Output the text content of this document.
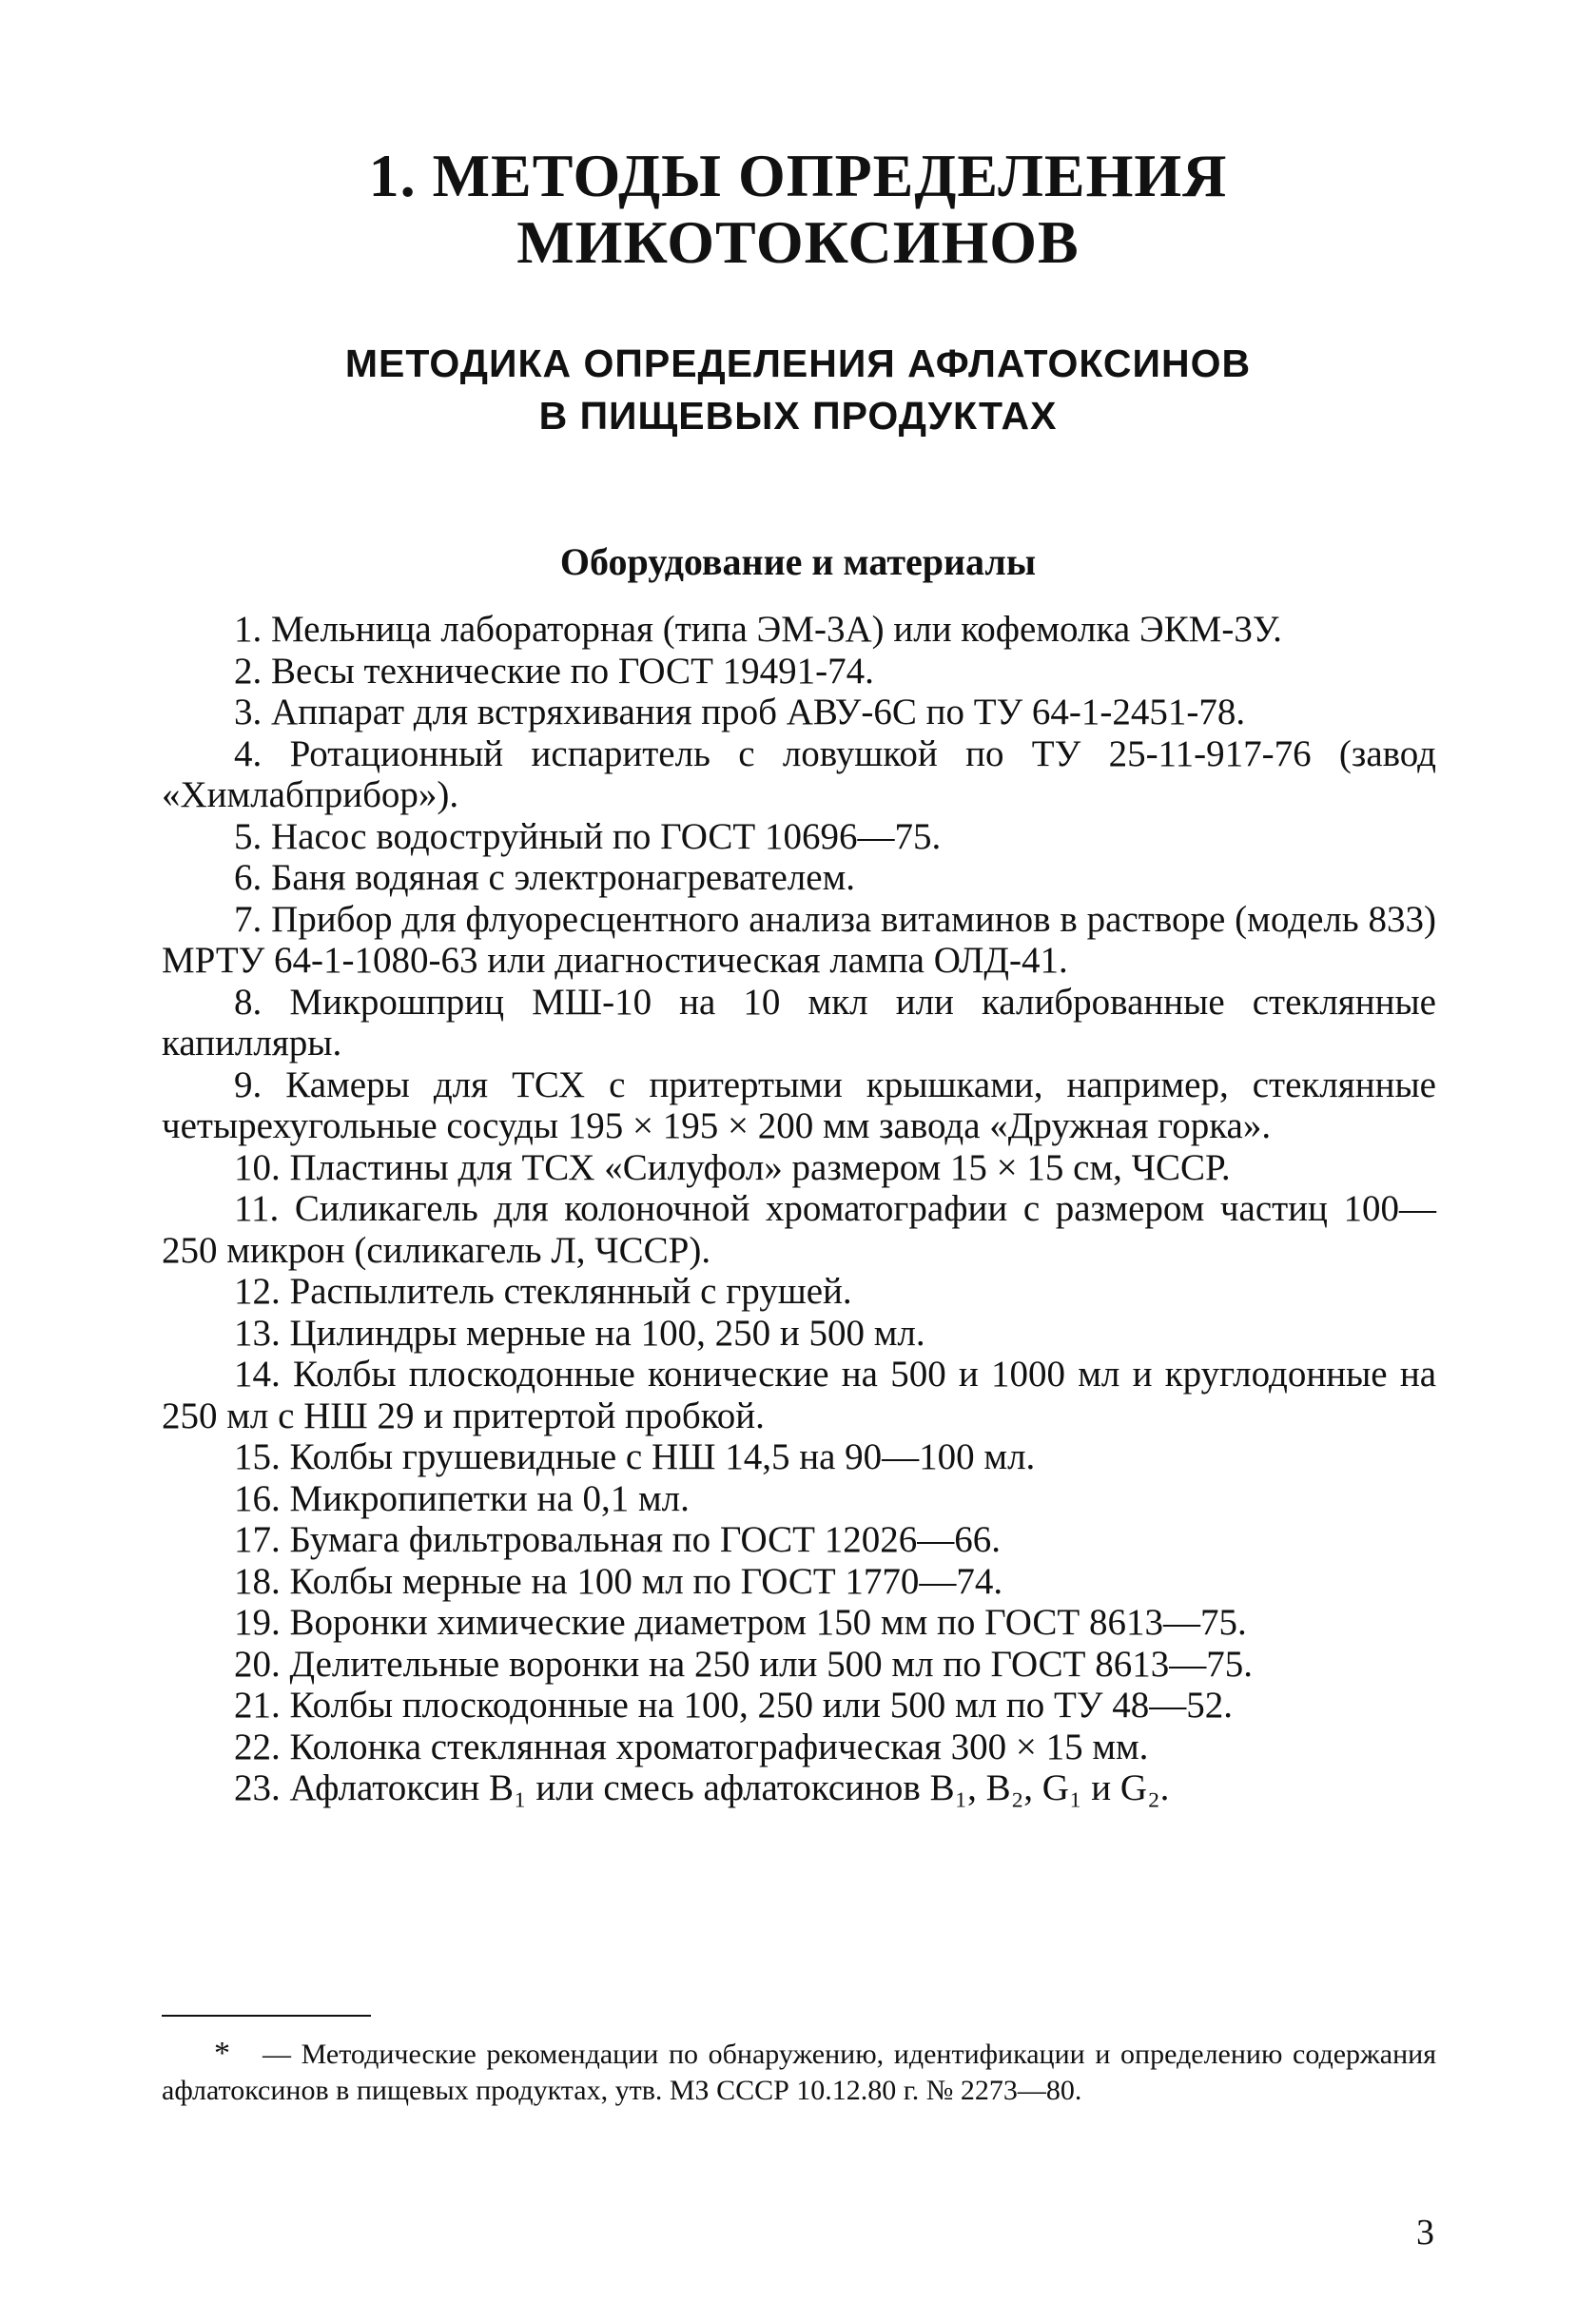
1. МЕТОДЫ ОПРЕДЕЛЕНИЯ МИКОТОКСИНОВ
МЕТОДИКА ОПРЕДЕЛЕНИЯ АФЛАТОКСИНОВ
В ПИЩЕВЫХ ПРОДУКТАХ
Оборудование и материалы
1. Мельница лабораторная (типа ЭМ-3А) или кофемолка ЭКМ-3У.
2. Весы технические по ГОСТ 19491-74.
3. Аппарат для встряхивания проб АВУ-6С по ТУ 64-1-2451-78.
4. Ротационный испаритель с ловушкой по ТУ 25-11-917-76 (завод «Химлабприбор»).
5. Насос водоструйный по ГОСТ 10696—75.
6. Баня водяная с электронагревателем.
7. Прибор для флуоресцентного анализа витаминов в растворе (модель 833) МРТУ 64-1-1080-63 или диагностическая лампа ОЛД-41.
8. Микрошприц МШ-10 на 10 мкл или калиброванные стеклянные капилляры.
9. Камеры для ТСХ с притертыми крышками, например, стеклянные четырехугольные сосуды 195 × 195 × 200 мм завода «Дружная горка».
10. Пластины для ТСХ «Силуфол» размером 15 × 15 см, ЧССР.
11. Силикагель для колоночной хроматографии с размером частиц 100—250 микрон (силикагель Л, ЧССР).
12. Распылитель стеклянный с грушей.
13. Цилиндры мерные на 100, 250 и 500 мл.
14. Колбы плоскодонные конические на 500 и 1000 мл и круглодонные на 250 мл с НШ 29 и притертой пробкой.
15. Колбы грушевидные с НШ 14,5 на 90—100 мл.
16. Микропипетки на 0,1 мл.
17. Бумага фильтровальная по ГОСТ 12026—66.
18. Колбы мерные на 100 мл по ГОСТ 1770—74.
19. Воронки химические диаметром 150 мм по ГОСТ 8613—75.
20. Делительные воронки на 250 или 500 мл по ГОСТ 8613—75.
21. Колбы плоскодонные на 100, 250 или 500 мл по ТУ 48—52.
22. Колонка стеклянная хроматографическая 300 × 15 мм.
23. Афлатоксин B₁ или смесь афлатоксинов B₁, B₂, G₁ и G₂.

* — Методические рекомендации по обнаружению, идентификации и определению содержания афлатоксинов в пищевых продуктах, утв. МЗ СССР 10.12.80 г. № 2273—80.

3
